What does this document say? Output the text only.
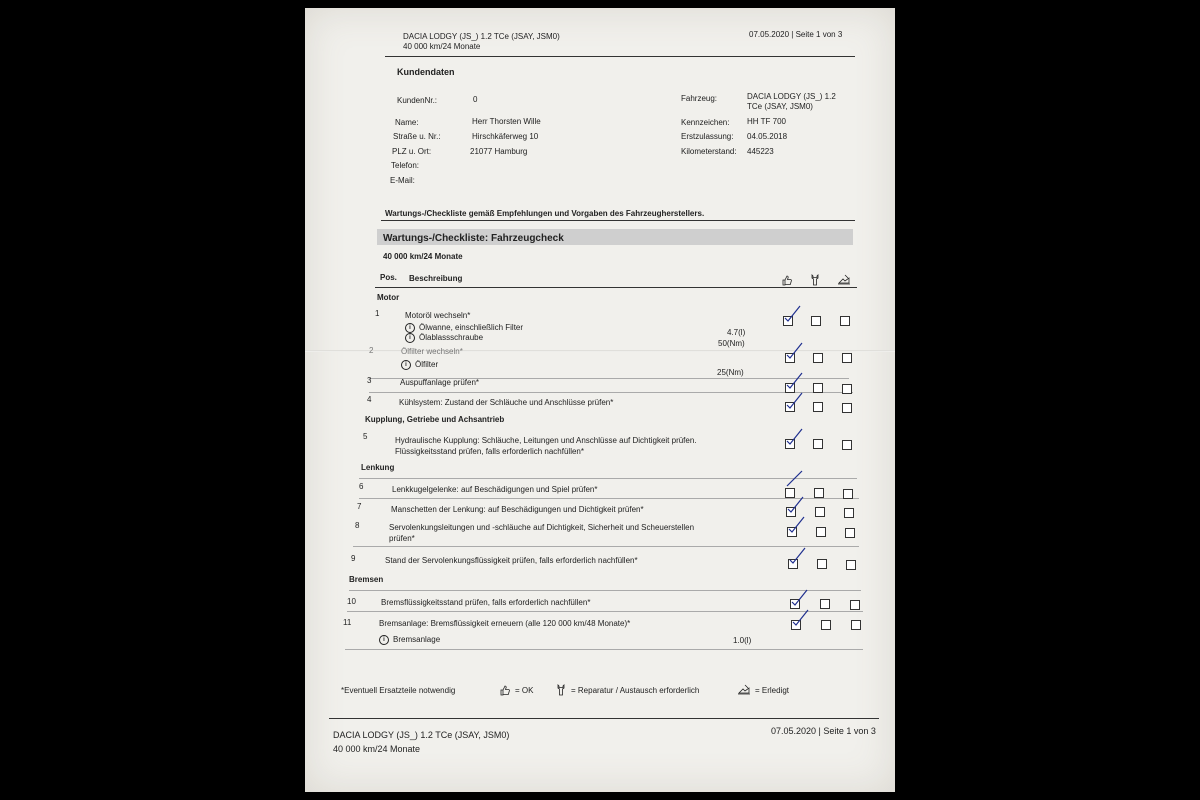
DACIA LODGY (JS_) 1.2 TCe (JSAY, JSM0)
40 000 km/24 Monate
07.05.2020 | Seite 1 von 3
Kundendaten
KundenNr.:	0
Name:	Herr Thorsten Wille
Straße u. Nr.:	Hirschkäferweg 10
PLZ u. Ort:	21077 Hamburg
Telefon:
E-Mail:
Fahrzeug:	DACIA LODGY (JS_) 1.2
TCe (JSAY, JSM0)
Kennzeichen: HH TF 700
Erstzulassung: 04.05.2018
Kilometerstand: 445223
Wartungs-/Checkliste gemäß Empfehlungen und Vorgaben des Fahrzeugherstellers.
Wartungs-/Checkliste: Fahrzeugcheck
40 000 km/24 Monate
Pos. Beschreibung
Motor
1	Motoröl wechseln*
i Ölwanne, einschließlich Filter
4.7(l)
i Ölablassschraube
50(Nm)
2	Ölfilter wechseln*
i Ölfilter
25(Nm)
3	Auspuffanlage prüfen*
4	Kühlsystem: Zustand der Schläuche und Anschlüsse prüfen*
Kupplung, Getriebe und Achsantrieb
5	Hydraulische Kupplung: Schläuche, Leitungen und Anschlüsse auf Dichtigkeit prüfen.
Flüssigkeitsstand prüfen, falls erforderlich nachfüllen*
Lenkung
6	Lenkkugelgelenke: auf Beschädigungen und Spiel prüfen*
7	Manschetten der Lenkung: auf Beschädigungen und Dichtigkeit prüfen*
8	Servolenkungsleitungen und -schläuche auf Dichtigkeit, Sicherheit und Scheuerstellen
prüfen*
9	Stand der Servolenkungsflüssigkeit prüfen, falls erforderlich nachfüllen*
Bremsen
10	Bremsflüssigkeitsstand prüfen, falls erforderlich nachfüllen*
11	Bremsanlage: Bremsflüssigkeit erneuern (alle 120 000 km/48 Monate)*
i Bremsanlage	1.0(l)
*Eventuell Ersatzteile notwendig	= OK	= Reparatur / Austausch erforderlich	= Erledigt
DACIA LODGY (JS_) 1.2 TCe (JSAY, JSM0)
40 000 km/24 Monate
07.05.2020 | Seite 1 von 3
